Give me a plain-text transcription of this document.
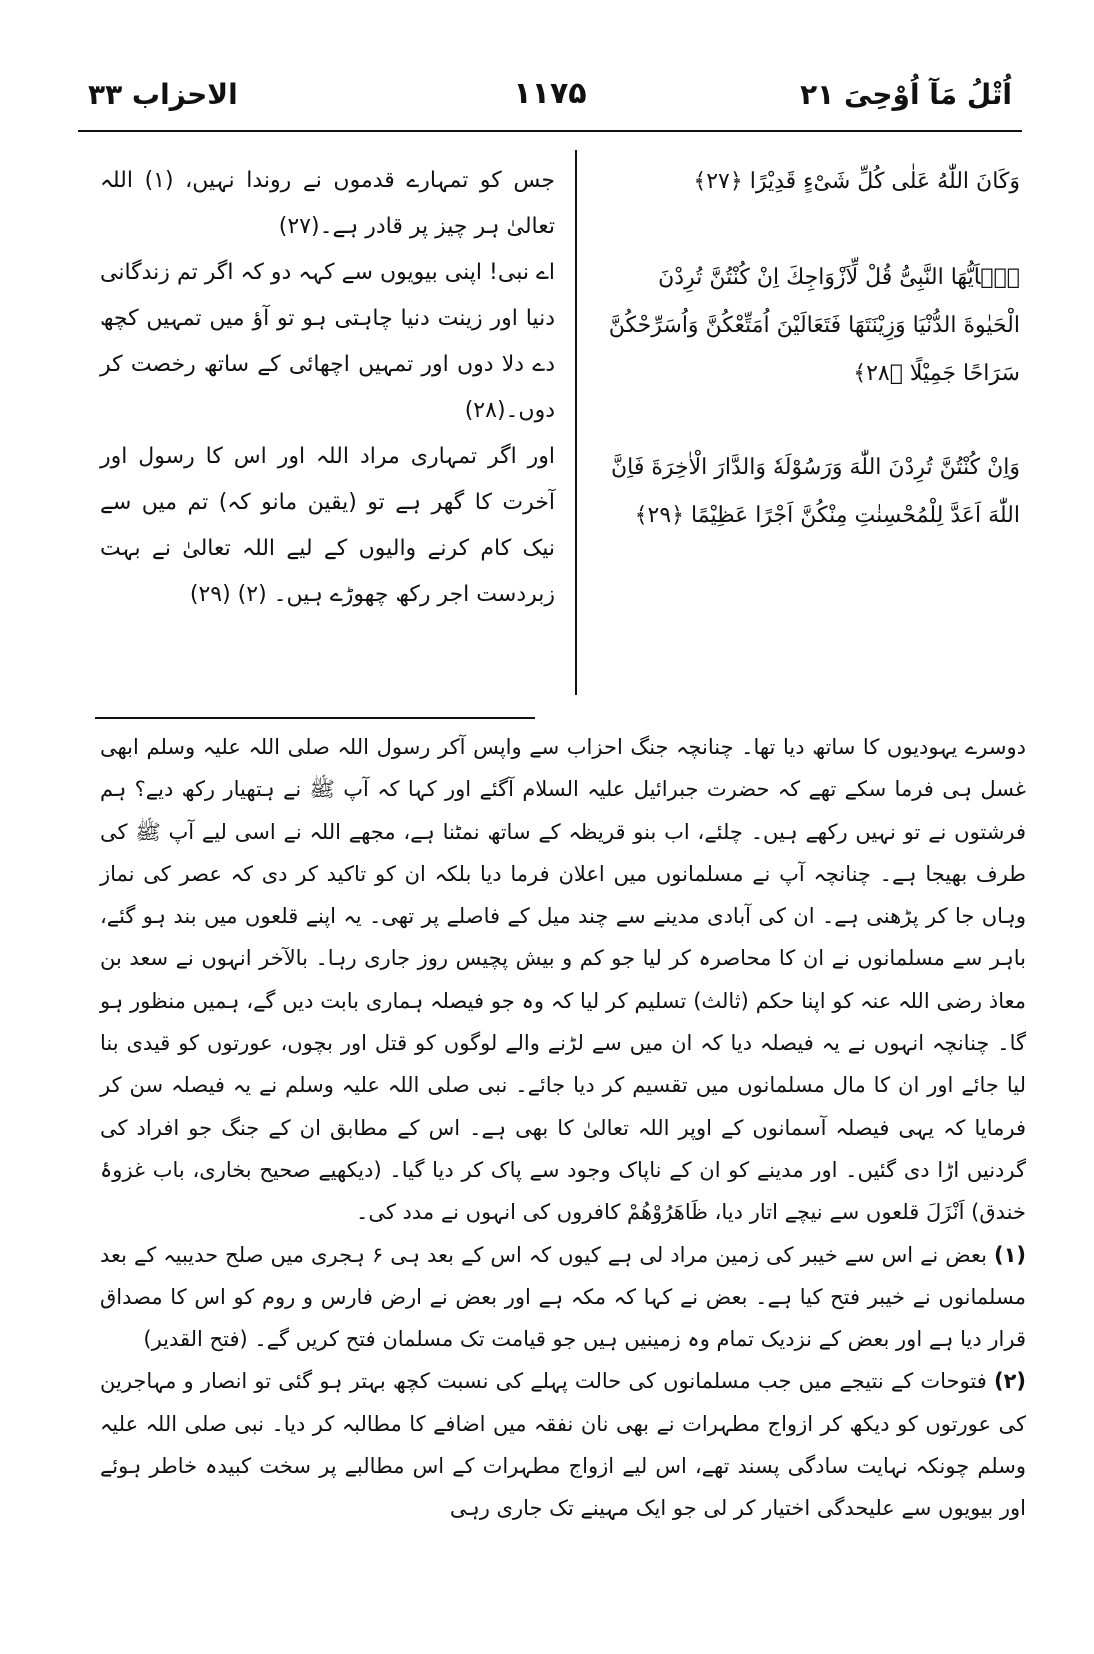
الاحزاب ۳۳	۱۱۷۵	اُتْلُ مَآ اُوْحِیَ ۲۱

وَكَانَ اللّٰهُ عَلٰى كُلِّ شَیْءٍ قَدِیْرًا ﴿۲۷﴾

یٰۤاَیُّهَا النَّبِیُّ قُلْ لِّاَزْوَاجِكَ اِنْ كُنْتُنَّ تُرِدْنَ الْحَیٰوةَ الدُّنْیَا وَزِیْنَتَهَا فَتَعَالَیْنَ اُمَتِّعْكُنَّ وَاُسَرِّحْكُنَّ سَرَاحًا جَمِیْلًا ﴿۲۸﴾

وَاِنْ كُنْتُنَّ تُرِدْنَ اللّٰهَ وَرَسُوْلَهٗ وَالدَّارَ الْاٰخِرَةَ فَاِنَّ اللّٰهَ اَعَدَّ لِلْمُحْسِنٰتِ مِنْكُنَّ اَجْرًا عَظِیْمًا ﴿۲۹﴾

جس کو تمہارے قدموں نے روندا نہیں، (۱) اللہ تعالیٰ ہر چیز پر قادر ہے۔(۲۷)

اے نبی! اپنی بیویوں سے کہہ دو کہ اگر تم زندگانی دنیا اور زینت دنیا چاہتی ہو تو آؤ میں تمہیں کچھ دے دلا دوں اور تمہیں اچھائی کے ساتھ رخصت کر دوں۔(۲۸)

اور اگر تمہاری مراد اللہ اور اس کا رسول اور آخرت کا گھر ہے تو (یقین مانو کہ) تم میں سے نیک کام کرنے والیوں کے لیے اللہ تعالیٰ نے بہت زبردست اجر رکھ چھوڑے ہیں۔ (۲) (۲۹)

دوسرے یہودیوں کا ساتھ دیا تھا۔ چنانچہ جنگ احزاب سے واپس آکر رسول اللہ صلی اللہ علیہ وسلم ابھی غسل ہی فرما سکے تھے کہ حضرت جبرائیل علیہ السلام آگئے اور کہا کہ آپ ﷺ نے ہتھیار رکھ دیے؟ ہم فرشتوں نے تو نہیں رکھے ہیں۔ چلئے، اب بنو قریظہ کے ساتھ نمٹنا ہے، مجھے اللہ نے اسی لیے آپ ﷺ کی طرف بھیجا ہے۔ چنانچہ آپ نے مسلمانوں میں اعلان فرما دیا بلکہ ان کو تاکید کر دی کہ عصر کی نماز وہاں جا کر پڑھنی ہے۔ ان کی آبادی مدینے سے چند میل کے فاصلے پر تھی۔ یہ اپنے قلعوں میں بند ہو گئے، باہر سے مسلمانوں نے ان کا محاصرہ کر لیا جو کم و بیش پچیس روز جاری رہا۔ بالآخر انہوں نے سعد بن معاذ رضی اللہ عنہ کو اپنا حکم (ثالث) تسلیم کر لیا کہ وہ جو فیصلہ ہماری بابت دیں گے، ہمیں منظور ہو گا۔ چنانچہ انہوں نے یہ فیصلہ دیا کہ ان میں سے لڑنے والے لوگوں کو قتل اور بچوں، عورتوں کو قیدی بنا لیا جائے اور ان کا مال مسلمانوں میں تقسیم کر دیا جائے۔ نبی صلی اللہ علیہ وسلم نے یہ فیصلہ سن کر فرمایا کہ یہی فیصلہ آسمانوں کے اوپر اللہ تعالیٰ کا بھی ہے۔ اس کے مطابق ان کے جنگ جو افراد کی گردنیں اڑا دی گئیں۔ اور مدینے کو ان کے ناپاک وجود سے پاک کر دیا گیا۔ (دیکھیے صحیح بخاری، باب غزوۂ خندق) اَنْزَلَ قلعوں سے نیچے اتار دیا، ظَاهَرُوْهُمْ کافروں کی انہوں نے مدد کی۔

(۱) بعض نے اس سے خیبر کی زمین مراد لی ہے کیوں کہ اس کے بعد ہی ۶ ہجری میں صلح حدیبیہ کے بعد مسلمانوں نے خیبر فتح کیا ہے۔ بعض نے کہا کہ مکہ ہے اور بعض نے ارض فارس و روم کو اس کا مصداق قرار دیا ہے اور بعض کے نزدیک تمام وہ زمینیں ہیں جو قیامت تک مسلمان فتح کریں گے۔ (فتح القدیر)

(۲) فتوحات کے نتیجے میں جب مسلمانوں کی حالت پہلے کی نسبت کچھ بہتر ہو گئی تو انصار و مہاجرین کی عورتوں کو دیکھ کر ازواج مطہرات نے بھی نان نفقہ میں اضافے کا مطالبہ کر دیا۔ نبی صلی اللہ علیہ وسلم چونکہ نہایت سادگی پسند تھے، اس لیے ازواج مطہرات کے اس مطالبے پر سخت کبیدہ خاطر ہوئے اور بیویوں سے علیحدگی اختیار کر لی جو ایک مہینے تک جاری رہی
